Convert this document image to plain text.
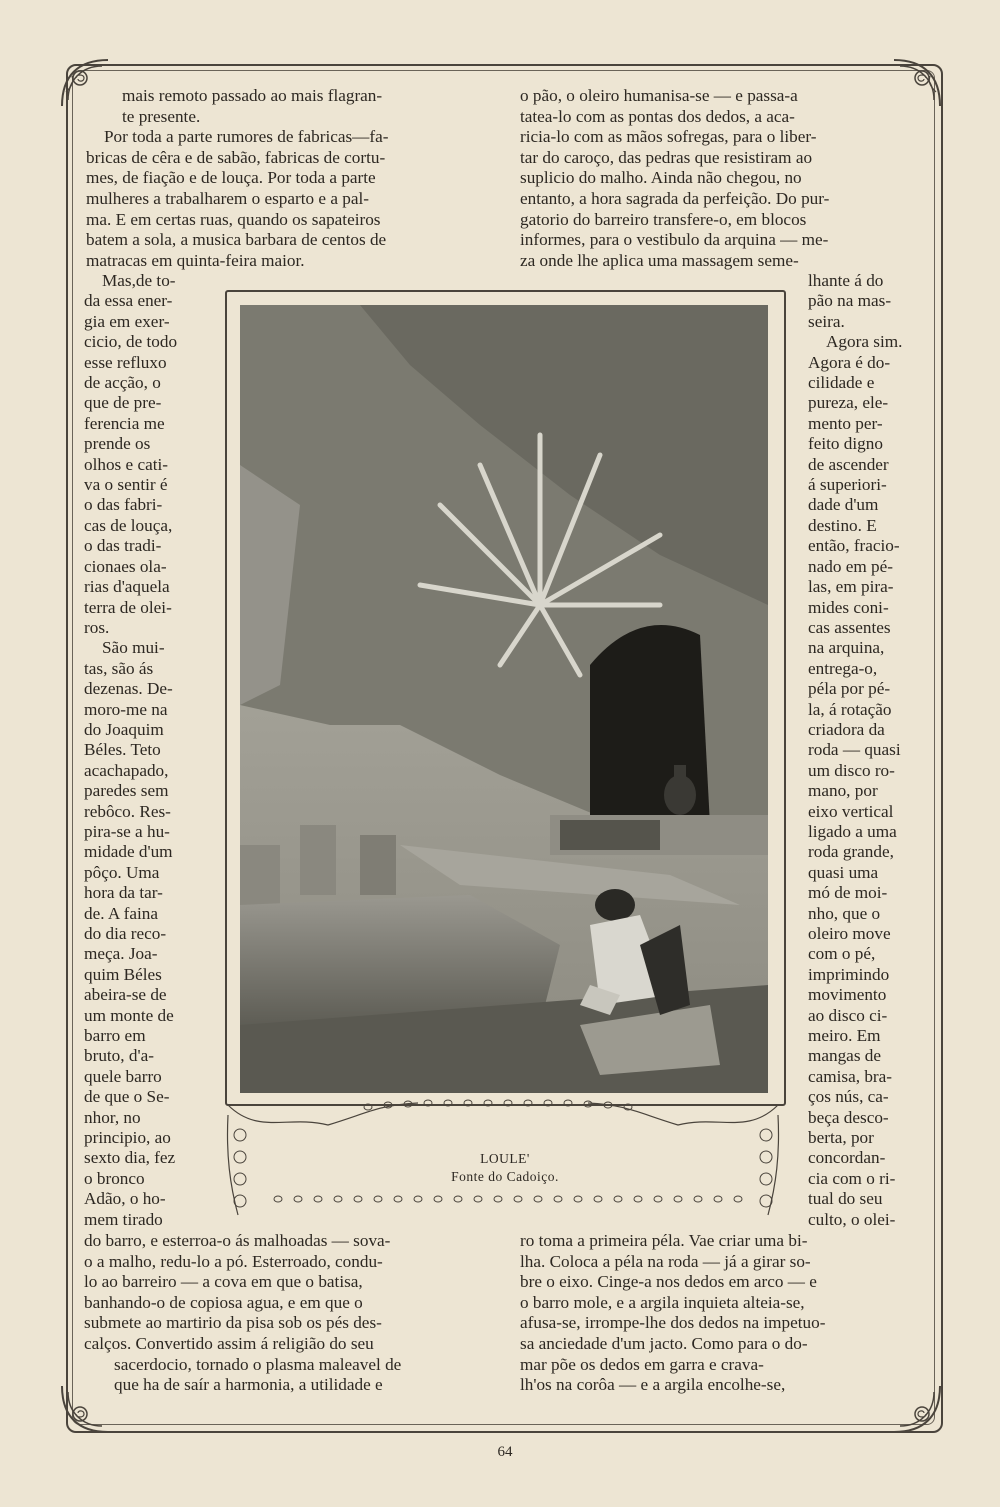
mais remoto passado ao mais flagran-
te presente.
Por toda a parte rumores de fabricas—fa-
bricas de cêra e de sabão, fabricas de cortu-
mes, de fiação e de louça. Por toda a parte
mulheres a trabalharem o esparto e a pal-
ma. E em certas ruas, quando os sapateiros
batem a sola, a musica barbara de centos de
matracas em quinta-feira maior.
Mas,de to-
da essa ener-
gia em exer-
cicio, de todo
esse refluxo
de acção, o
que de pre-
ferencia me
prende os
olhos e cati-
va o sentir é
o das fabri-
cas de louça,
o das tradi-
cionaes ola-
rias d'aquela
terra de olei-
ros.
São mui-
tas, são ás
dezenas. De-
moro-me na
do Joaquim
Béles. Teto
acachapado,
paredes sem
rebôco. Res-
pira-se a hu-
midade d'um
pôço. Uma
hora da tar-
de. A faina
do dia reco-
meça. Joa-
quim Béles
abeira-se de
um monte de
barro em
bruto, d'a-
quele barro
de que o Se-
nhor, no
principio, ao
sexto dia, fez
o bronco
Adão, o ho-
mem tirado
do barro, e esterroa-o ás malhoadas — sova-
o a malho, redu-lo a pó. Esterroado, condu-
lo ao barreiro — a cova em que o batisa,
banhando-o de copiosa agua, e em que o
submete ao martirio da pisa sob os pés des-
calços. Convertido assim á religião do seu
sacerdocio, tornado o plasma maleavel de
que ha de saír a harmonia, a utilidade e
o pão, o oleiro humanisa-se — e passa-a
tatea-lo com as pontas dos dedos, a aca-
ricia-lo com as mãos sofregas, para o liber-
tar do caroço, das pedras que resistiram ao
suplicio do malho. Ainda não chegou, no
entanto, a hora sagrada da perfeição. Do pur-
gatorio do barreiro transfere-o, em blocos
informes, para o vestibulo da arquina — me-
za onde lhe aplica uma massagem seme-
lhante á do
pão na mas-
seira.
Agora sim.
Agora é do-
cilidade e
pureza, ele-
mento per-
feito digno
de ascender
á superiori-
dade d'um
destino. E
então, fracio-
nado em pé-
las, em pira-
mides coni-
cas assentes
na arquina,
entrega-o,
péla por pé-
la, á rotação
criadora da
roda — quasi
um disco ro-
mano, por
eixo vertical
ligado a uma
roda grande,
quasi uma
mó de moi-
nho, que o
oleiro move
com o pé,
imprimindo
movimento
ao disco ci-
meiro. Em
mangas de
camisa, bra-
ços nús, ca-
beça desco-
berta, por
concordan-
cia com o ri-
tual do seu
culto, o olei-
ro toma a primeira péla. Vae criar uma bi-
lha. Coloca a péla na roda — já a girar so-
bre o eixo. Cinge-a nos dedos em arco — e
o barro mole, e a argila inquieta alteia-se,
afusa-se, irrompe-lhe dos dedos na impetuo-
sa anciedade d'um jacto. Como para o do-
mar põe os dedos em garra e crava-
lh'os na corôa — e a argila encolhe-se,
LOULE'
Fonte do Cadoiço.
64
